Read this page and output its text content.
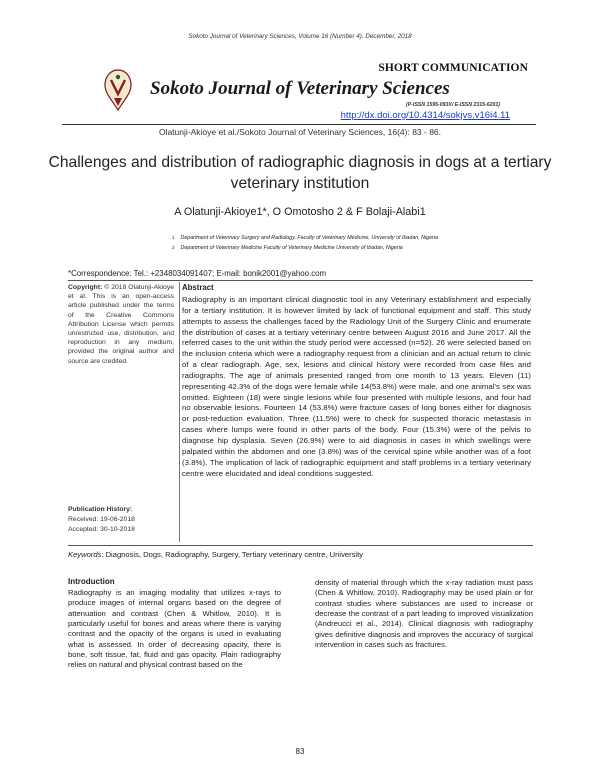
Sokoto Journal of Veterinary Sciences, Volume 16 (Number 4). December, 2018
SHORT COMMUNICATION
Sokoto Journal of Veterinary Sciences
(P-ISSN 1595-093X/ E-ISSN 2315-6201)
http://dx.doi.org/10.4314/sokjvs.v16i4.11
Olatunji-Akioye et al./Sokoto Journal of Veterinary Sciences, 16(4): 83 - 86.
Challenges and distribution of radiographic diagnosis in dogs at a tertiary veterinary institution
A Olatunji-Akioye1*, O Omotosho 2 & F Bolaji-Alabi1
$^1$ Department of Veterinary Surgery and Radiology, Faculty of Veterinary Medicine, University of Ibadan, Nigeria
$^2$ Department of Veterinary Medicine Faculty of Veterinary Medicine University of Ibadan, Nigeria
*Correspondence: Tel.: +2348034091407; E-mail: bonik2001@yahoo.com
Copyright: © 2018 Olatunji-Akioye et al. This is an open-access article published under the terms of the Creative Commons Attribution License which permits unrestricted use, distribution, and reproduction in any medium, provided the original author and source are credited.
Publication History:
Received: 19-06-2018
Accepted: 30-10-2018
Abstract
Radiography is an important clinical diagnostic tool in any Veterinary establishment and especially for a tertiary institution. It is however limited by lack of functional equipment and staff. This study attempts to assess the challenges faced by the Radiology Unit of the Surgery Clinic and enumerate the distribution of cases at a tertiary veterinary centre between August 2016 and June 2017. All the referred cases to the unit within the study period were accessed (n=52). 26 were selected based on the inclusion criteria which were a radiography request from a clinician and an actual return to clinic of a clear radiograph. Age, sex, lesions and clinical history were recorded from case files and radiographs. The age of animals presented ranged from one month to 13 years. Eleven (11) representing 42.3% of the dogs were female while 14(53.8%) were male, and one animal's sex was omitted. Eighteen (18) were single lesions while four presented with multiple lesions, and four had no observable lesions. Fourteen 14 (53.8%) were fracture cases of long bones either for diagnosis or post-reduction evaluation. Three (11.5%) were to check for suspected thoracic metastasis in cases where lumps were found in other parts of the body. Four (15.3%) were of the pelvis to diagnose hip dysplasia. Seven (26.9%) were to aid diagnosis in cases in which swellings were palpated within the abdomen and one (3.8%) was of the cervical spine while another was of a foot (3.8%). The implication of lack of radiographic equipment and staff problems in a tertiary veterinary centre were elucidated and ideal conditions suggested.
Keywords: Diagnosis, Dogs, Radiography, Surgery, Tertiary veterinary centre, University
Introduction
Radiography is an imaging modality that utilizes x-rays to produce images of internal organs based on the degree of attenuation and contrast (Chen & Whitlow, 2010). It is particularly useful for bones and areas where there is varying contrast and the opacity of the organs is used in evaluating what is assessed. In order of decreasing opacity, there is bone, soft tissue, fat, fluid and gas opacity. Plain radiography relies on natural and physical contrast based on the
density of material through which the x-ray radiation must pass (Chen & Whitlow, 2010). Radiography may be used plain or for contrast studies where substances are used to increase or decrease the contrast of a part leading to improved visualization (Andreucci et al., 2014). Clinical diagnosis with radiography gives definitive diagnosis and improves the accuracy of surgical intervention in cases such as fractures.
83
